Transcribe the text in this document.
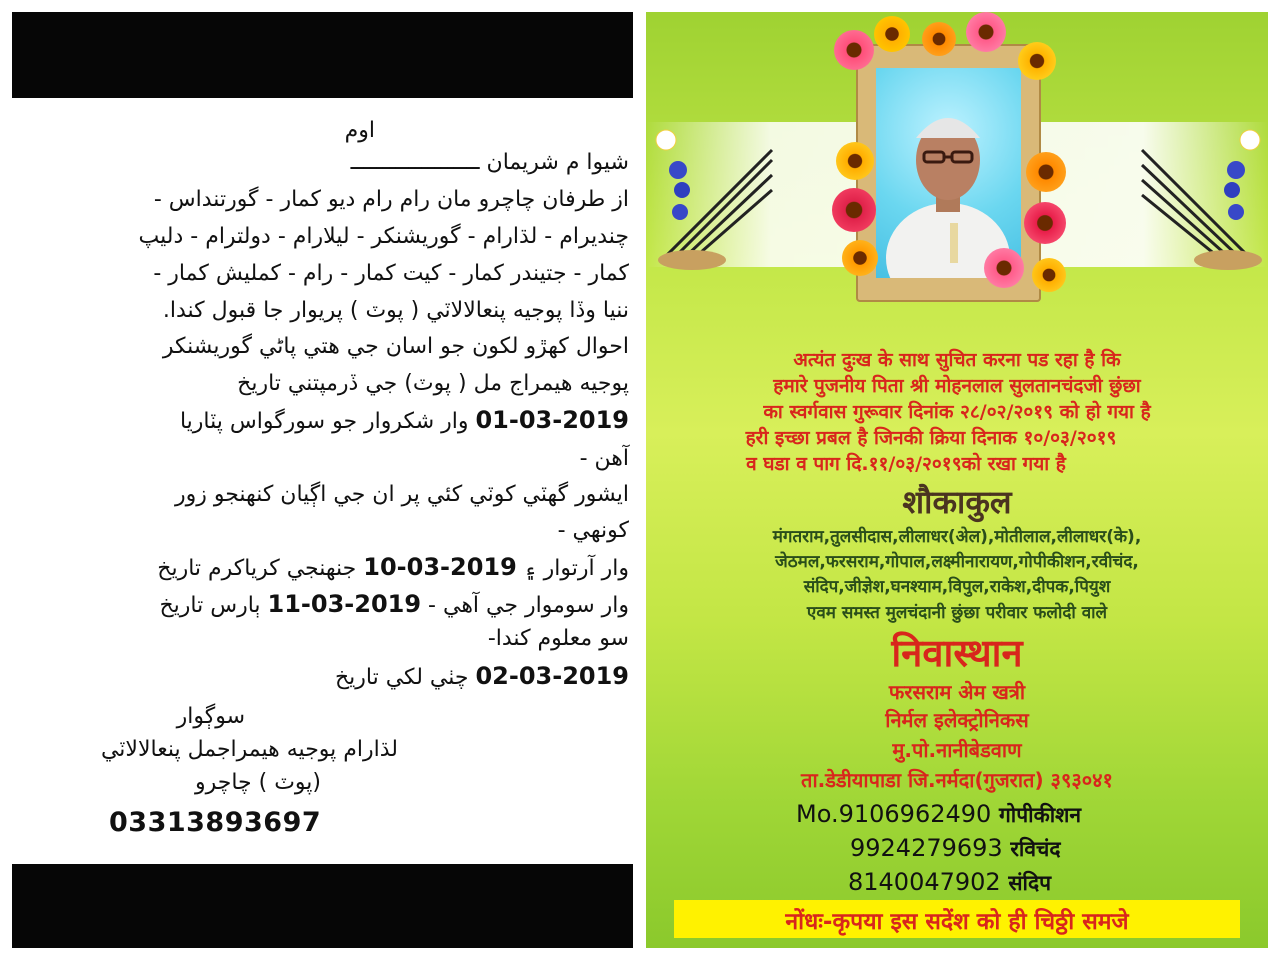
اوم
شيوا م شريمان ــــــــــــــــــــ
از طرفان چاچرو مان رام رام ديو كمار - گورتنداس -
چنديرام - لڌارام - گوريشنكر - ليلارام - دولترام - دليپ
كمار - جتيندر كمار - كيت كمار - رام - كمليش كمار -
ننيا وڏا پوجيه پنعالالاٽي ( پوٽ ) پريوار جا قبول كندا.
احوال كهڙو لكون جو اسان جي هتي پاڻي گوريشنكر
پوجيه هيمراج مل ( پوٽ) جي ڏرمپتني تاريخ
01-03-2019 وار شكروار جو سورگواس پٽاريا
آهن -
ايشور گهٽي كوٽي كئي پر ان جي اڳيان كنهنجو زور
كونهي -
وار آرتوار ۽ 10-03-2019 جنهنجي كرياكرم تاريخ
وار سوموار جي آهي - 11-03-2019 ٻارس تاريخ
سو معلوم كندا-
02-03-2019 چٺي لكي تاريخ
سوڳوار
لڌارام پوجيه هيمراجمل پنعالالاٽي
(پوٽ ) چاچرو
03313893697
अत्यंत दुःख के साथ सुचित करना पड रहा है कि
हमारे पुजनीय पिता श्री मोहनलाल सुलतानचंदजी छुंछा
का स्वर्गवास गुरूवार दिनांक २८/०२/२०१९ को हो गया है
हरी इच्छा प्रबल है जिनकी क्रिया दिनाक १०/०३/२०१९
व घडा व पाग दि.११/०३/२०१९को रखा गया है
शौकाकुल
मंगतराम,तुलसीदास,लीलाधर(अेल),मोतीलाल,लीलाधर(के),
जेठमल,फरसराम,गोपाल,लक्ष्मीनारायण,गोपीकीशन,रवीचंद,
संदिप,जीज्ञेश,घनश्याम,विपुल,राकेश,दीपक,पियुश
एवम समस्त मुलचंदानी छुंछा परीवार फलोदी वाले
निवास्थान
फरसराम अेम खत्री
निर्मल इलेक्ट्रोनिकस
मु.पो.नानीबेडवाण
ता.डेडीयापाडा जि.नर्मदा(गुजरात) ३९३०४१
Mo.9106962490 गोपीकीशन
9924279693 रविचंद
8140047902 संदिप
नोंधः-कृपया इस सदेंश को ही चिठ्ठी समजे
